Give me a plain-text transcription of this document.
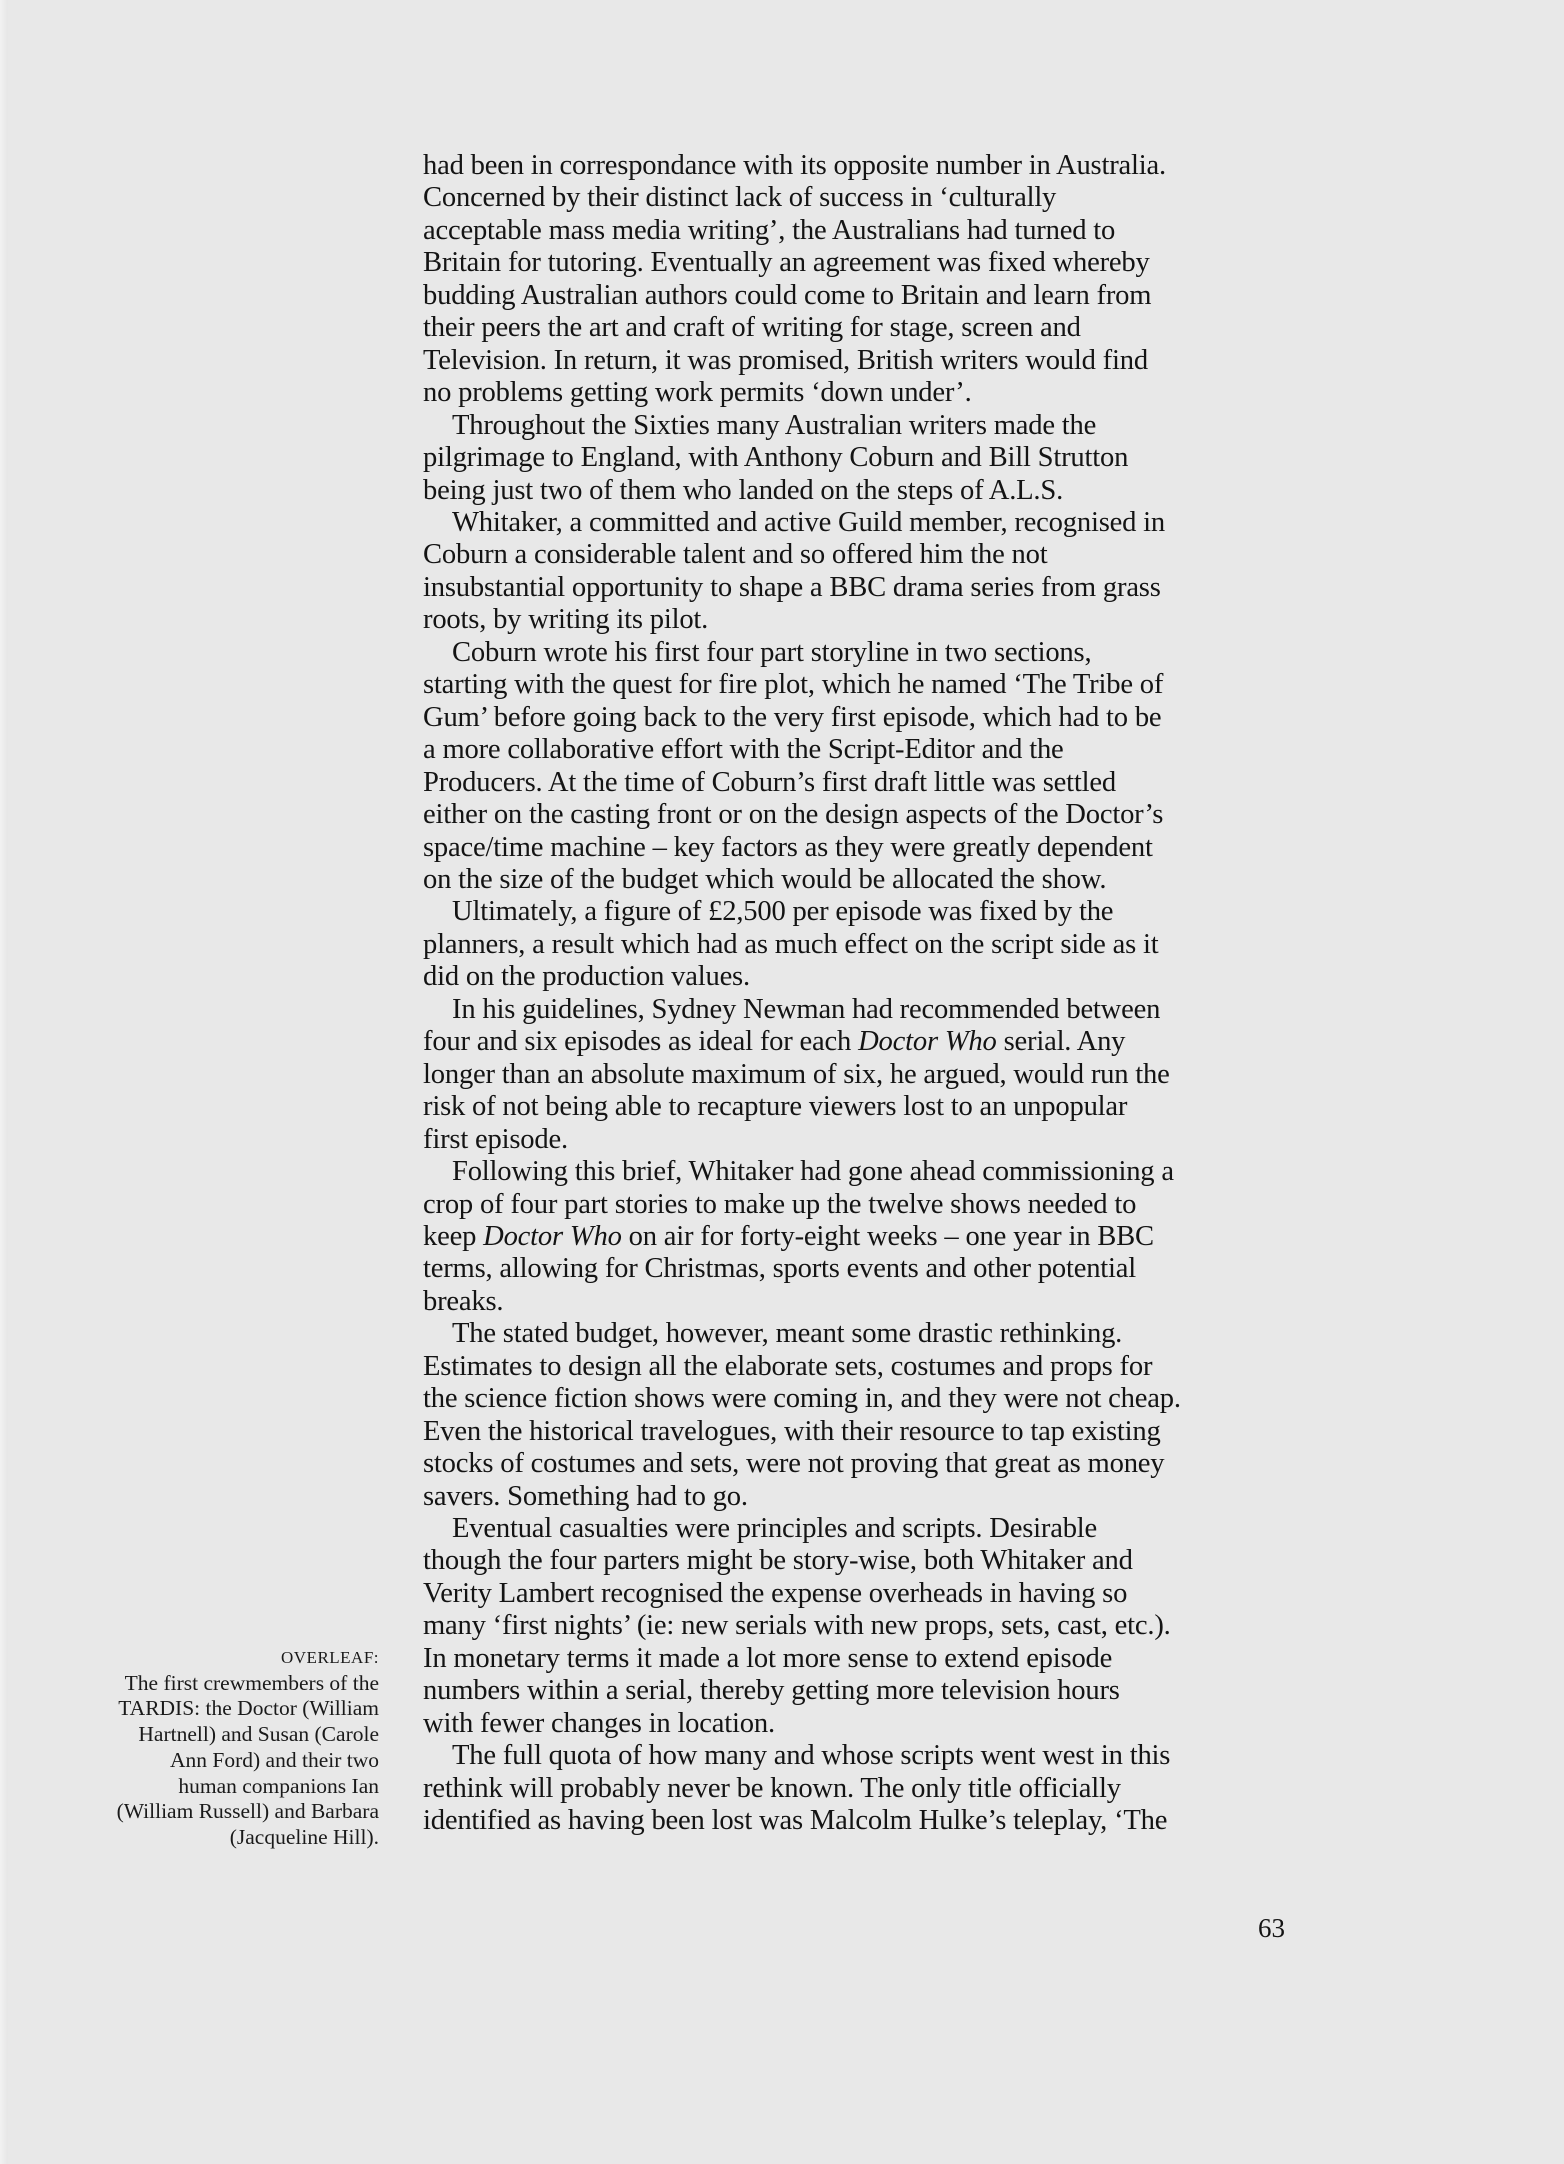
OVERLEAF:
The first crewmembers of the
TARDIS: the Doctor (William
Hartnell) and Susan (Carole
Ann Ford) and their two
human companions Ian
(William Russell) and Barbara
(Jacqueline Hill).

had been in correspondance with its opposite number in Australia.
Concerned by their distinct lack of success in ‘culturally
acceptable mass media writing’, the Australians had turned to
Britain for tutoring. Eventually an agreement was fixed whereby
budding Australian authors could come to Britain and learn from
their peers the art and craft of writing for stage, screen and
Television. In return, it was promised, British writers would find
no problems getting work permits ‘down under’.

Throughout the Sixties many Australian writers made the
pilgrimage to England, with Anthony Coburn and Bill Strutton
being just two of them who landed on the steps of A.L.S.

Whitaker, a committed and active Guild member, recognised in
Coburn a considerable talent and so offered him the not
insubstantial opportunity to shape a BBC drama series from grass
roots, by writing its pilot.

Coburn wrote his first four part storyline in two sections,
starting with the quest for fire plot, which he named ‘The Tribe of
Gum’ before going back to the very first episode, which had to be
a more collaborative effort with the Script-Editor and the
Producers. At the time of Coburn’s first draft little was settled
either on the casting front or on the design aspects of the Doctor’s
space/time machine – key factors as they were greatly dependent
on the size of the budget which would be allocated the show.

Ultimately, a figure of £2,500 per episode was fixed by the
planners, a result which had as much effect on the script side as it
did on the production values.

In his guidelines, Sydney Newman had recommended between
four and six episodes as ideal for each Doctor Who serial. Any
longer than an absolute maximum of six, he argued, would run the
risk of not being able to recapture viewers lost to an unpopular
first episode.

Following this brief, Whitaker had gone ahead commissioning a
crop of four part stories to make up the twelve shows needed to
keep Doctor Who on air for forty-eight weeks – one year in BBC
terms, allowing for Christmas, sports events and other potential
breaks.

The stated budget, however, meant some drastic rethinking.
Estimates to design all the elaborate sets, costumes and props for
the science fiction shows were coming in, and they were not cheap.
Even the historical travelogues, with their resource to tap existing
stocks of costumes and sets, were not proving that great as money
savers. Something had to go.

Eventual casualties were principles and scripts. Desirable
though the four parters might be story-wise, both Whitaker and
Verity Lambert recognised the expense overheads in having so
many ‘first nights’ (ie: new serials with new props, sets, cast, etc.).
In monetary terms it made a lot more sense to extend episode
numbers within a serial, thereby getting more television hours
with fewer changes in location.

The full quota of how many and whose scripts went west in this
rethink will probably never be known. The only title officially
identified as having been lost was Malcolm Hulke’s teleplay, ‘The

63
